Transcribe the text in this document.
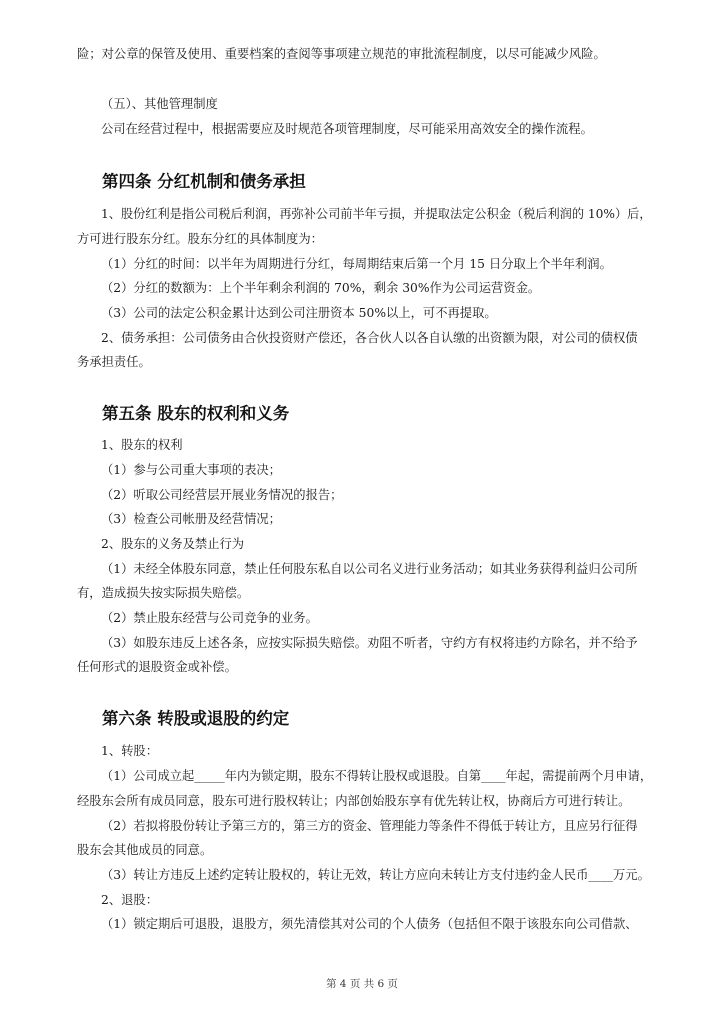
险；对公章的保管及使用、重要档案的查阅等事项建立规范的审批流程制度，以尽可能减少风险。
（五）、其他管理制度
公司在经营过程中，根据需要应及时规范各项管理制度，尽可能采用高效安全的操作流程。
第四条 分红机制和债务承担
1、股份红利是指公司税后利润，再弥补公司前半年亏损，并提取法定公积金（税后利润的 10%）后，
方可进行股东分红。股东分红的具体制度为：
（1）分红的时间：以半年为周期进行分红，每周期结束后第一个月 15 日分取上个半年利润。
（2）分红的数额为：上个半年剩余利润的 70%，剩余 30%作为公司运营资金。
（3）公司的法定公积金累计达到公司注册资本 50%以上，可不再提取。
2、债务承担：公司债务由合伙投资财产偿还，各合伙人以各自认缴的出资额为限，对公司的债权债
务承担责任。
第五条 股东的权利和义务
1、股东的权利
（1）参与公司重大事项的表决；
（2）听取公司经营层开展业务情况的报告；
（3）检查公司帐册及经营情况；
2、股东的义务及禁止行为
（1）未经全体股东同意，禁止任何股东私自以公司名义进行业务活动；如其业务获得利益归公司所
有，造成损失按实际损失赔偿。
（2）禁止股东经营与公司竞争的业务。
（3）如股东违反上述各条，应按实际损失赔偿。劝阻不听者，守约方有权将违约方除名，并不给予
任何形式的退股资金或补偿。
第六条 转股或退股的约定
1、转股：
（1）公司成立起_____年内为锁定期，股东不得转让股权或退股。自第____年起，需提前两个月申请，
经股东会所有成员同意，股东可进行股权转让；内部创始股东享有优先转让权，协商后方可进行转让。
（2）若拟将股份转让予第三方的，第三方的资金、管理能力等条件不得低于转让方，且应另行征得
股东会其他成员的同意。
（3）转让方违反上述约定转让股权的，转让无效，转让方应向未转让方支付违约金人民币____万元。
2、退股：
（1）锁定期后可退股，退股方，须先清偿其对公司的个人债务（包括但不限于该股东向公司借款、
第 4 页 共 6 页
